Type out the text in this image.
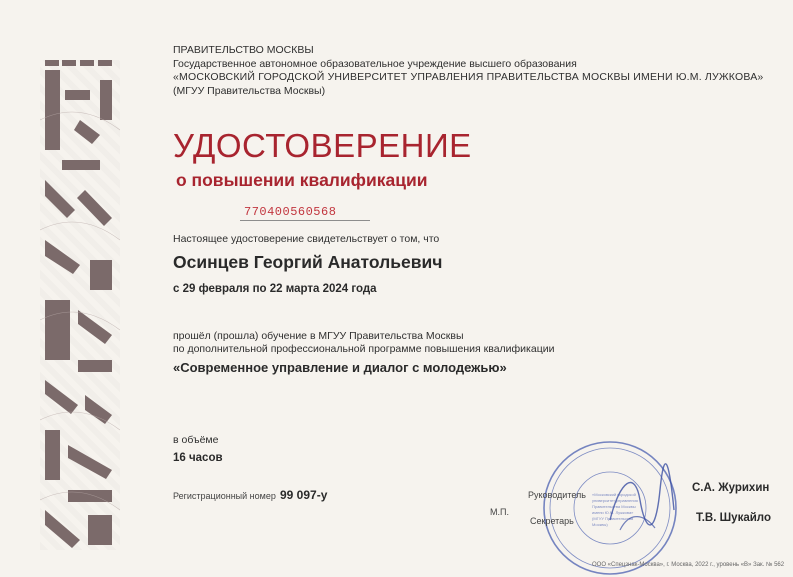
ПРАВИТЕЛЬСТВО МОСКВЫ
Государственное автономное образовательное учреждение высшего образования
«МОСКОВСКИЙ ГОРОДСКОЙ УНИВЕРСИТЕТ УПРАВЛЕНИЯ ПРАВИТЕЛЬСТВА МОСКВЫ ИМЕНИ Ю.М. ЛУЖКОВА»
(МГУУ Правительства Москвы)
УДОСТОВЕРЕНИЕ
о повышении квалификации
770400560568
Настоящее удостоверение свидетельствует о том, что
Осинцев Георгий Анатольевич
с 29 февраля по 22 марта 2024 года
прошёл (прошла) обучение в МГУУ Правительства Москвы
по дополнительной профессиональной программе повышения квалификации
«Современное управление и диалог с молодежью»
в объёме
16 часов
Регистрационный номер 99 097-у	«Московский городской
университет управления
Правительства Москвы
имени Ю.М. Лужкова»
(МГУУ Правительства
Москвы)
М.П.
Руководитель
С.А. Журихин
Секретарь	Т.В. Шукайло
ООО «Спецзнак-Москва», г. Москва, 2022 г., уровень «В» Зак. № 562
